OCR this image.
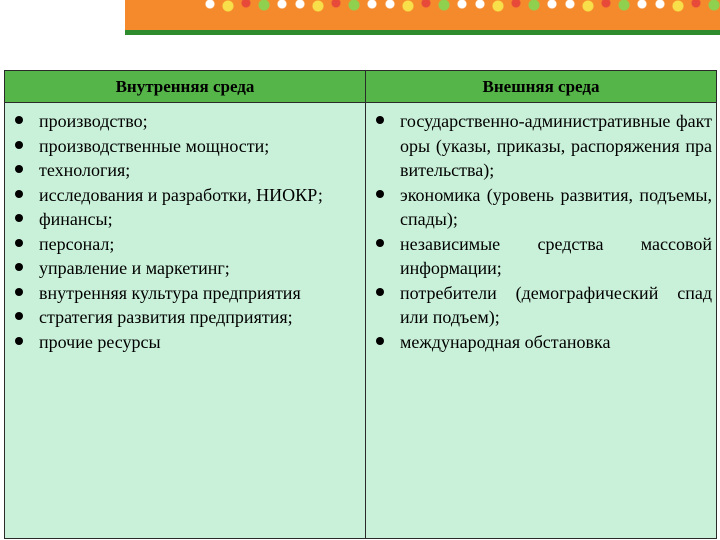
Внутренняя среда	Внешняя среда
производство;
производственные мощности;
технология;
исследования и разработки, НИОКР;
финансы;
персонал;
управление и маркетинг;
внутренняя культура предприятия
стратегия развития предприятия;
прочие ресурсы
государственно-административные факторы (указы, приказы, распоряжения правительства);
экономика (уровень развития, подъемы, спады);
независимые средства массовой информации;
потребители (демографический спад или подъем);
международная обстановка
